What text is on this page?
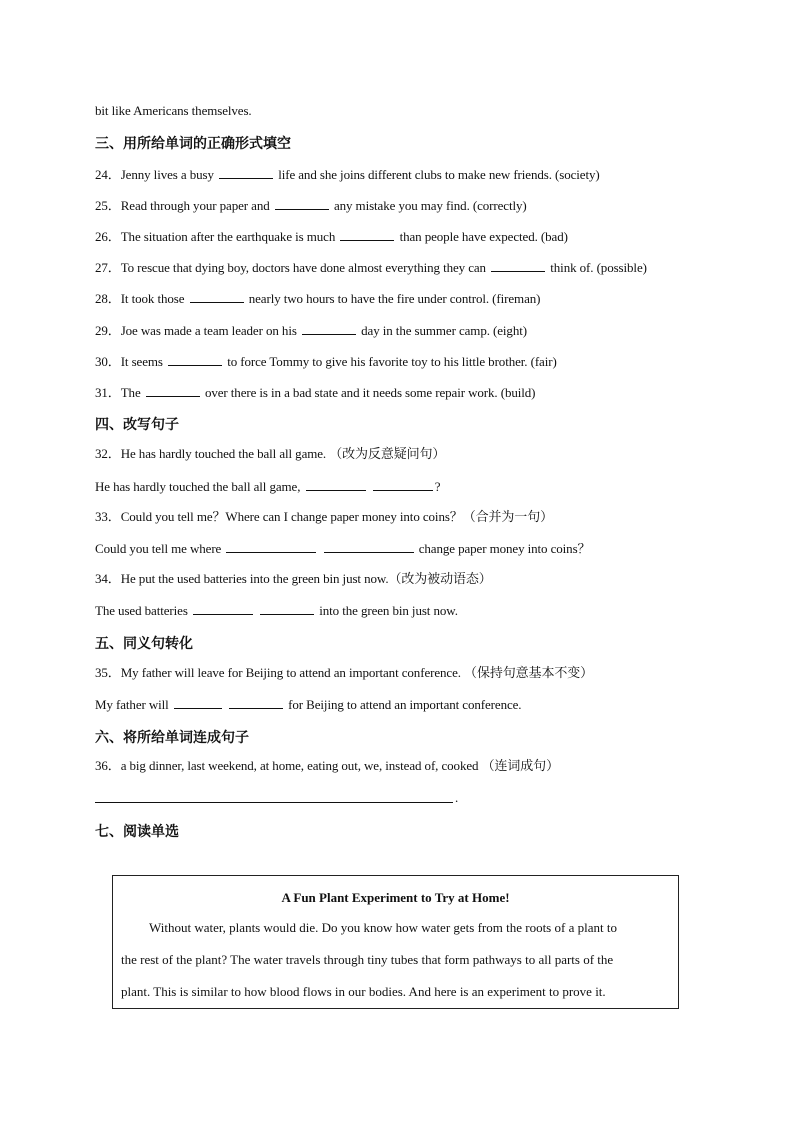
bit like Americans themselves.
三、用所给单词的正确形式填空
24．Jenny lives a busy	life and she joins different clubs to make new friends. (society)
25．Read through your paper and	any mistake you may find. (correctly)
26．The situation after the earthquake is much	than people have expected. (bad)
27．To rescue that dying boy, doctors have done almost everything they can	think of. (possible)
28．It took those	nearly two hours to have the fire under control. (fireman)
29．Joe was made a team leader on his	day in the summer camp. (eight)
30．It seems	to force Tommy to give his favorite toy to his little brother. (fair)
31．The	over there is in a bad state and it needs some repair work. (build)
四、改写句子
32．He has hardly touched the ball all game. （改为反意疑问句）
He has hardly touched the ball all game,	?
33．Could you tell me？Where can I change paper money into coins？（合并为一句）
Could you tell me where	change paper money into coins？
34．He put the used batteries into the green bin just now.（改为被动语态）
The used batteries	into the green bin just now.
五、同义句转化
35．My father will leave for Beijing to attend an important conference. （保持句意基本不变）
My father will	for Beijing to attend an important conference.
六、将所给单词连成句子
36．a big dinner, last weekend, at home, eating out, we, instead of, cooked （连词成句）
.
七、阅读单选
A Fun Plant Experiment to Try at Home!
Without water, plants would die. Do you know how water gets from the roots of a plant to
the rest of the plant? The water travels through tiny tubes that form pathways to all parts of the
plant. This is similar to how blood flows in our bodies. And here is an experiment to prove it.
